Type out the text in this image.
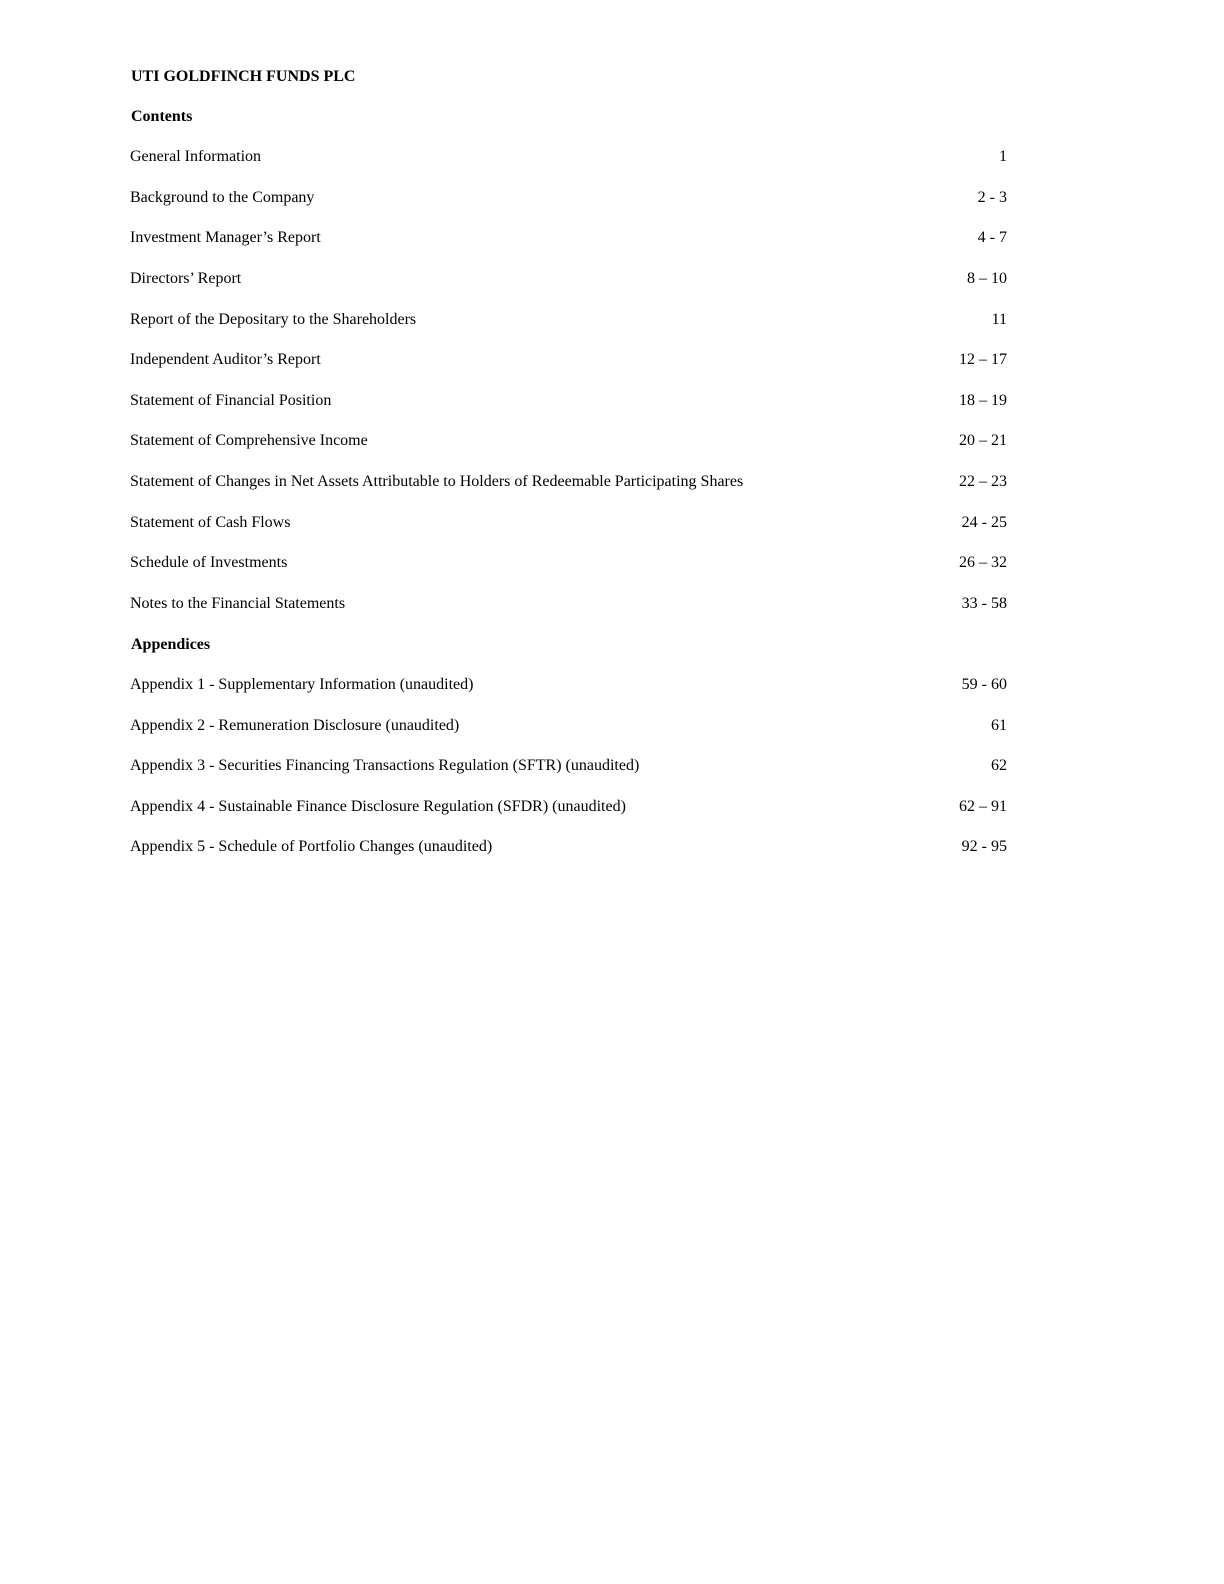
UTI GOLDFINCH FUNDS PLC
Contents
General Information	1
Background to the Company	2 - 3
Investment Manager’s Report	4 - 7
Directors’ Report	8 – 10
Report of the Depositary to the Shareholders	11
Independent Auditor’s Report	12 – 17
Statement of Financial Position	18 – 19
Statement of Comprehensive Income	20 – 21
Statement of Changes in Net Assets Attributable to Holders of Redeemable Participating Shares	22 – 23
Statement of Cash Flows	24 - 25
Schedule of Investments	26 – 32
Notes to the Financial Statements	33 - 58
Appendices
Appendix 1 - Supplementary Information (unaudited)	59 - 60
Appendix 2 - Remuneration Disclosure (unaudited)	61
Appendix 3 - Securities Financing Transactions Regulation (SFTR) (unaudited)	62
Appendix 4 - Sustainable Finance Disclosure Regulation (SFDR) (unaudited)	62 – 91
Appendix 5 - Schedule of Portfolio Changes (unaudited)	92 - 95
